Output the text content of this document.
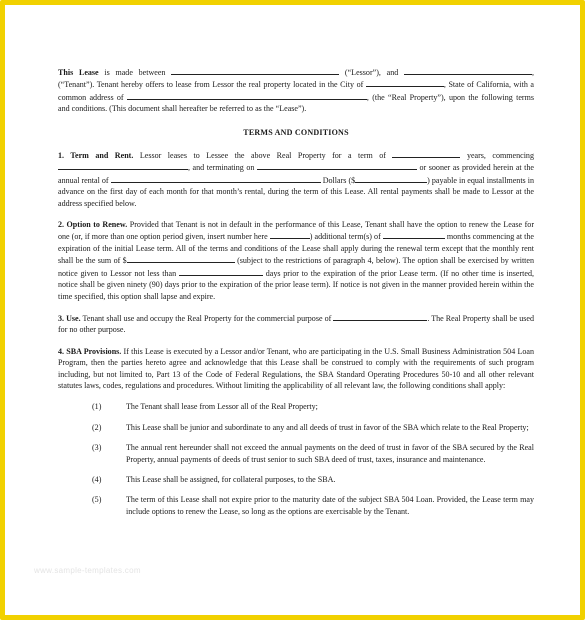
This Lease is made between	(“Lessor”), and	, (“Tenant”). Tenant hereby offers to lease from Lessor the real property located in the City of	, State of California, with a common address of	, (the “Real Property”), upon the following terms and conditions. (This document shall hereafter be referred to as the “Lease”).

TERMS AND CONDITIONS

1. Term and Rent. Lessor leases to Lessee the above Real Property for a term of	years, commencing , and terminating on	or sooner as provided herein at the annual rental of	Dollars ($	) payable in equal installments in advance on the first day of each month for that month’s rental, during the term of this Lease. All rental payments shall be made to Lessor at the address specified below.

2. Option to Renew. Provided that Tenant is not in default in the performance of this Lease, Tenant shall have the option to renew the Lease for one (or, if more than one option period given, insert number here	) additional term(s) of	months commencing at the expiration of the initial Lease term. All of the terms and conditions of the Lease shall apply during the renewal term except that the monthly rent shall be the sum of $	(subject to the restrictions of paragraph 4, below). The option shall be exercised by written notice given to Lessor not less than	days prior to the expiration of the prior Lease term. (If no other time is inserted, notice shall be given ninety (90) days prior to the expiration of the prior lease term). If notice is not given in the manner provided herein within the time specified, this option shall lapse and expire.

3. Use. Tenant shall use and occupy the Real Property for the commercial purpose of	. The Real Property shall be used for no other purpose.

4. SBA Provisions. If this Lease is executed by a Lessor and/or Tenant, who are participating in the U.S. Small Business Administration 504 Loan Program, then the parties hereto agree and acknowledge that this Lease shall be construed to comply with the requirements of such program including, but not limited to, Part 13 of the Code of Federal Regulations, the SBA Standard Operating Procedures 50-10 and all other relevant statutes laws, codes, regulations and procedures. Without limiting the applicability of all relevant law, the following conditions shall apply:

(1)	The Tenant shall lease from Lessor all of the Real Property;
(2)	This Lease shall be junior and subordinate to any and all deeds of trust in favor of the SBA which relate to the Real Property;
(3)	The annual rent hereunder shall not exceed the annual payments on the deed of trust in favor of the SBA secured by the Real Property, annual payments of deeds of trust senior to such SBA deed of trust, taxes, insurance and maintenance.
(4)	This Lease shall be assigned, for collateral purposes, to the SBA.
(5)	The term of this Lease shall not expire prior to the maturity date of the subject SBA 504 Loan. Provided, the Lease term may include options to renew the Lease, so long as the options are exercisable by the Tenant.
www.sample-templates.com
